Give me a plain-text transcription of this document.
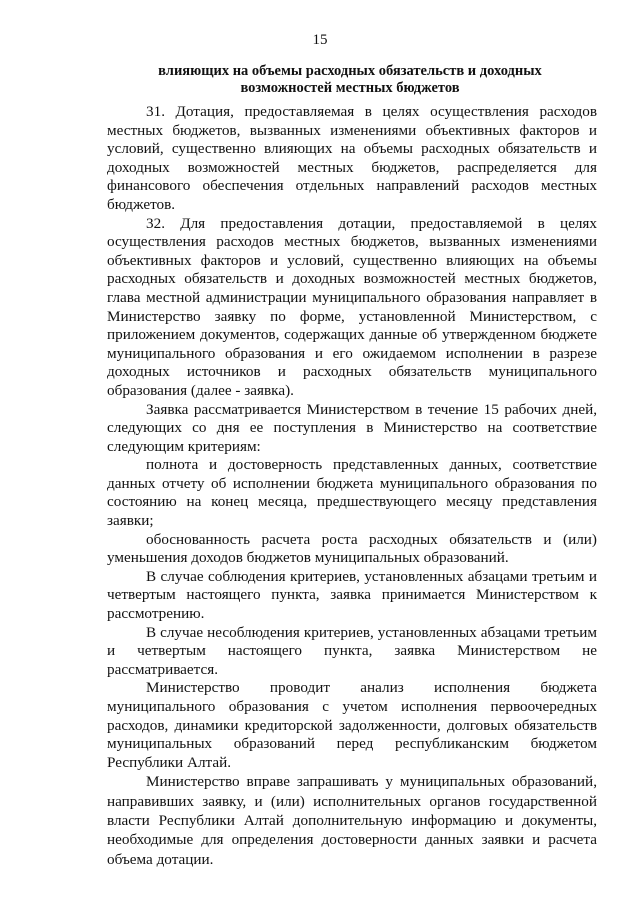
15
влияющих на объемы расходных обязательств и доходных
возможностей местных бюджетов

31. Дотация, предоставляемая в целях осуществления расходов местных бюджетов, вызванных изменениями объективных факторов и условий, существенно влияющих на объемы расходных обязательств и доходных возможностей местных бюджетов, распределяется для финансового обеспечения отдельных направлений расходов местных бюджетов.

32. Для предоставления дотации, предоставляемой в целях осуществления расходов местных бюджетов, вызванных изменениями объективных факторов и условий, существенно влияющих на объемы расходных обязательств и доходных возможностей местных бюджетов, глава местной администрации муниципального образования направляет в Министерство заявку по форме, установленной Министерством, с приложением документов, содержащих данные об утвержденном бюджете муниципального образования и его ожидаемом исполнении в разрезе доходных источников и расходных обязательств муниципального образования (далее - заявка).

Заявка рассматривается Министерством в течение 15 рабочих дней, следующих со дня ее поступления в Министерство на соответствие следующим критериям:

полнота и достоверность представленных данных, соответствие данных отчету об исполнении бюджета муниципального образования по состоянию на конец месяца, предшествующего месяцу представления заявки;

обоснованность расчета роста расходных обязательств и (или) уменьшения доходов бюджетов муниципальных образований.

В случае соблюдения критериев, установленных абзацами третьим и четвертым настоящего пункта, заявка принимается Министерством к рассмотрению.

В случае несоблюдения критериев, установленных абзацами третьим и четвертым настоящего пункта, заявка Министерством не рассматривается.

Министерство проводит анализ исполнения бюджета муниципального образования с учетом исполнения первоочередных расходов, динамики кредиторской задолженности, долговых обязательств муниципальных образований перед республиканским бюджетом Республики Алтай.

Министерство вправе запрашивать у муниципальных образований, направивших заявку, и (или) исполнительных органов государственной власти Республики Алтай дополнительную информацию и документы, необходимые для определения достоверности данных заявки и расчета объема дотации.
